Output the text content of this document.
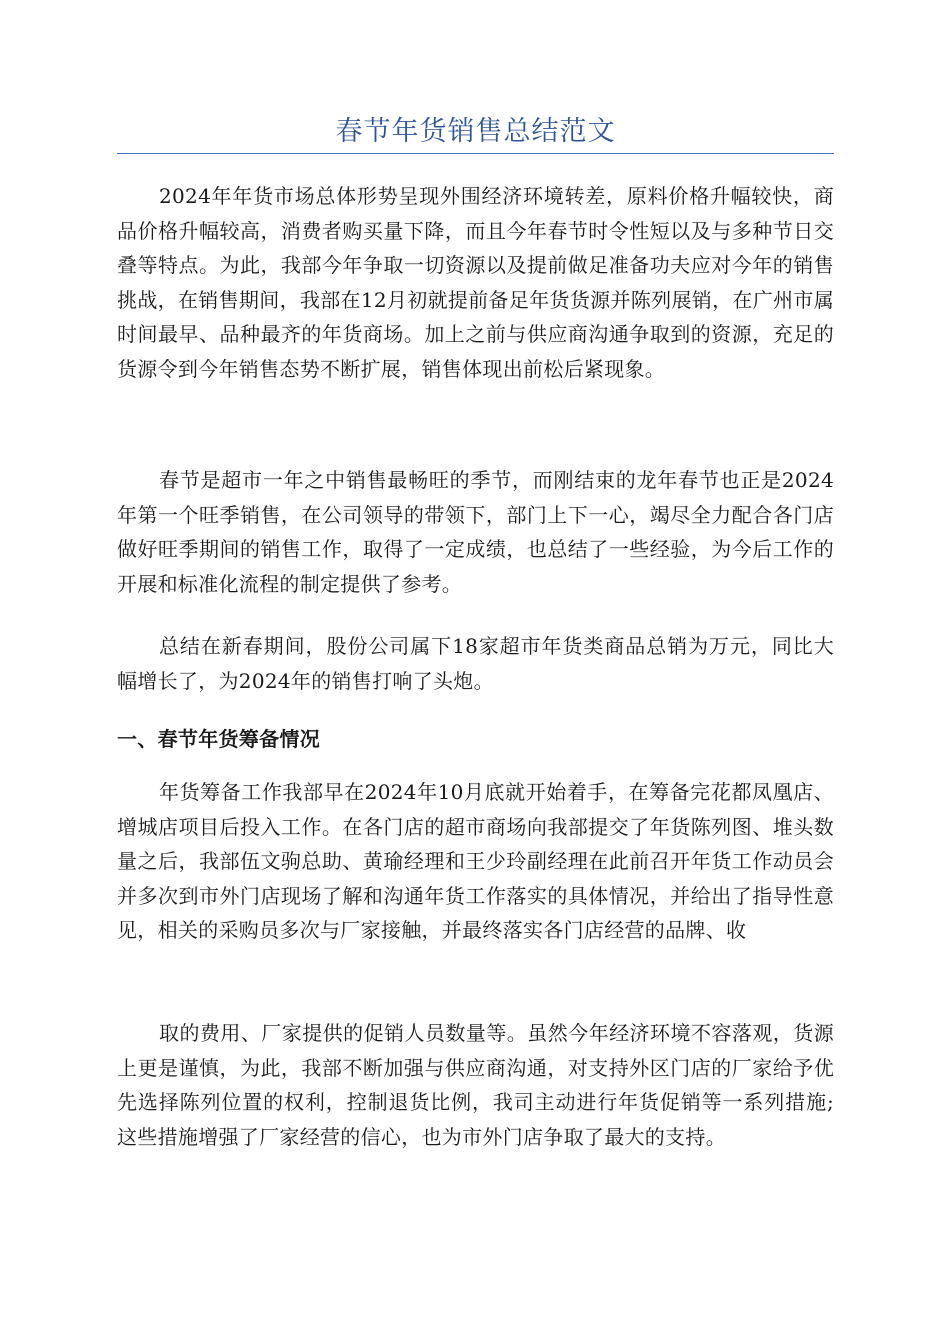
春节年货销售总结范文

2024年年货市场总体形势呈现外围经济环境转差，原料价格升幅较快，商品价格升幅较高，消费者购买量下降，而且今年春节时令性短以及与多种节日交叠等特点。为此，我部今年争取一切资源以及提前做足准备功夫应对今年的销售挑战，在销售期间，我部在12月初就提前备足年货货源并陈列展销，在广州市属时间最早、品种最齐的年货商场。加上之前与供应商沟通争取到的资源，充足的货源令到今年销售态势不断扩展，销售体现出前松后紧现象。

春节是超市一年之中销售最畅旺的季节，而刚结束的龙年春节也正是2024年第一个旺季销售，在公司领导的带领下，部门上下一心，竭尽全力配合各门店做好旺季期间的销售工作，取得了一定成绩，也总结了一些经验，为今后工作的开展和标准化流程的制定提供了参考。

总结在新春期间，股份公司属下18家超市年货类商品总销为万元，同比大幅增长了，为2024年的销售打响了头炮。

一、春节年货筹备情况

年货筹备工作我部早在2024年10月底就开始着手，在筹备完花都凤凰店、增城店项目后投入工作。在各门店的超市商场向我部提交了年货陈列图、堆头数量之后，我部伍文驹总助、黄瑜经理和王少玲副经理在此前召开年货工作动员会并多次到市外门店现场了解和沟通年货工作落实的具体情况，并给出了指导性意见，相关的采购员多次与厂家接触，并最终落实各门店经营的品牌、收

取的费用、厂家提供的促销人员数量等。虽然今年经济环境不容落观，货源上更是谨慎，为此，我部不断加强与供应商沟通，对支持外区门店的厂家给予优先选择陈列位置的权利，控制退货比例，我司主动进行年货促销等一系列措施;这些措施增强了厂家经营的信心，也为市外门店争取了最大的支持。
